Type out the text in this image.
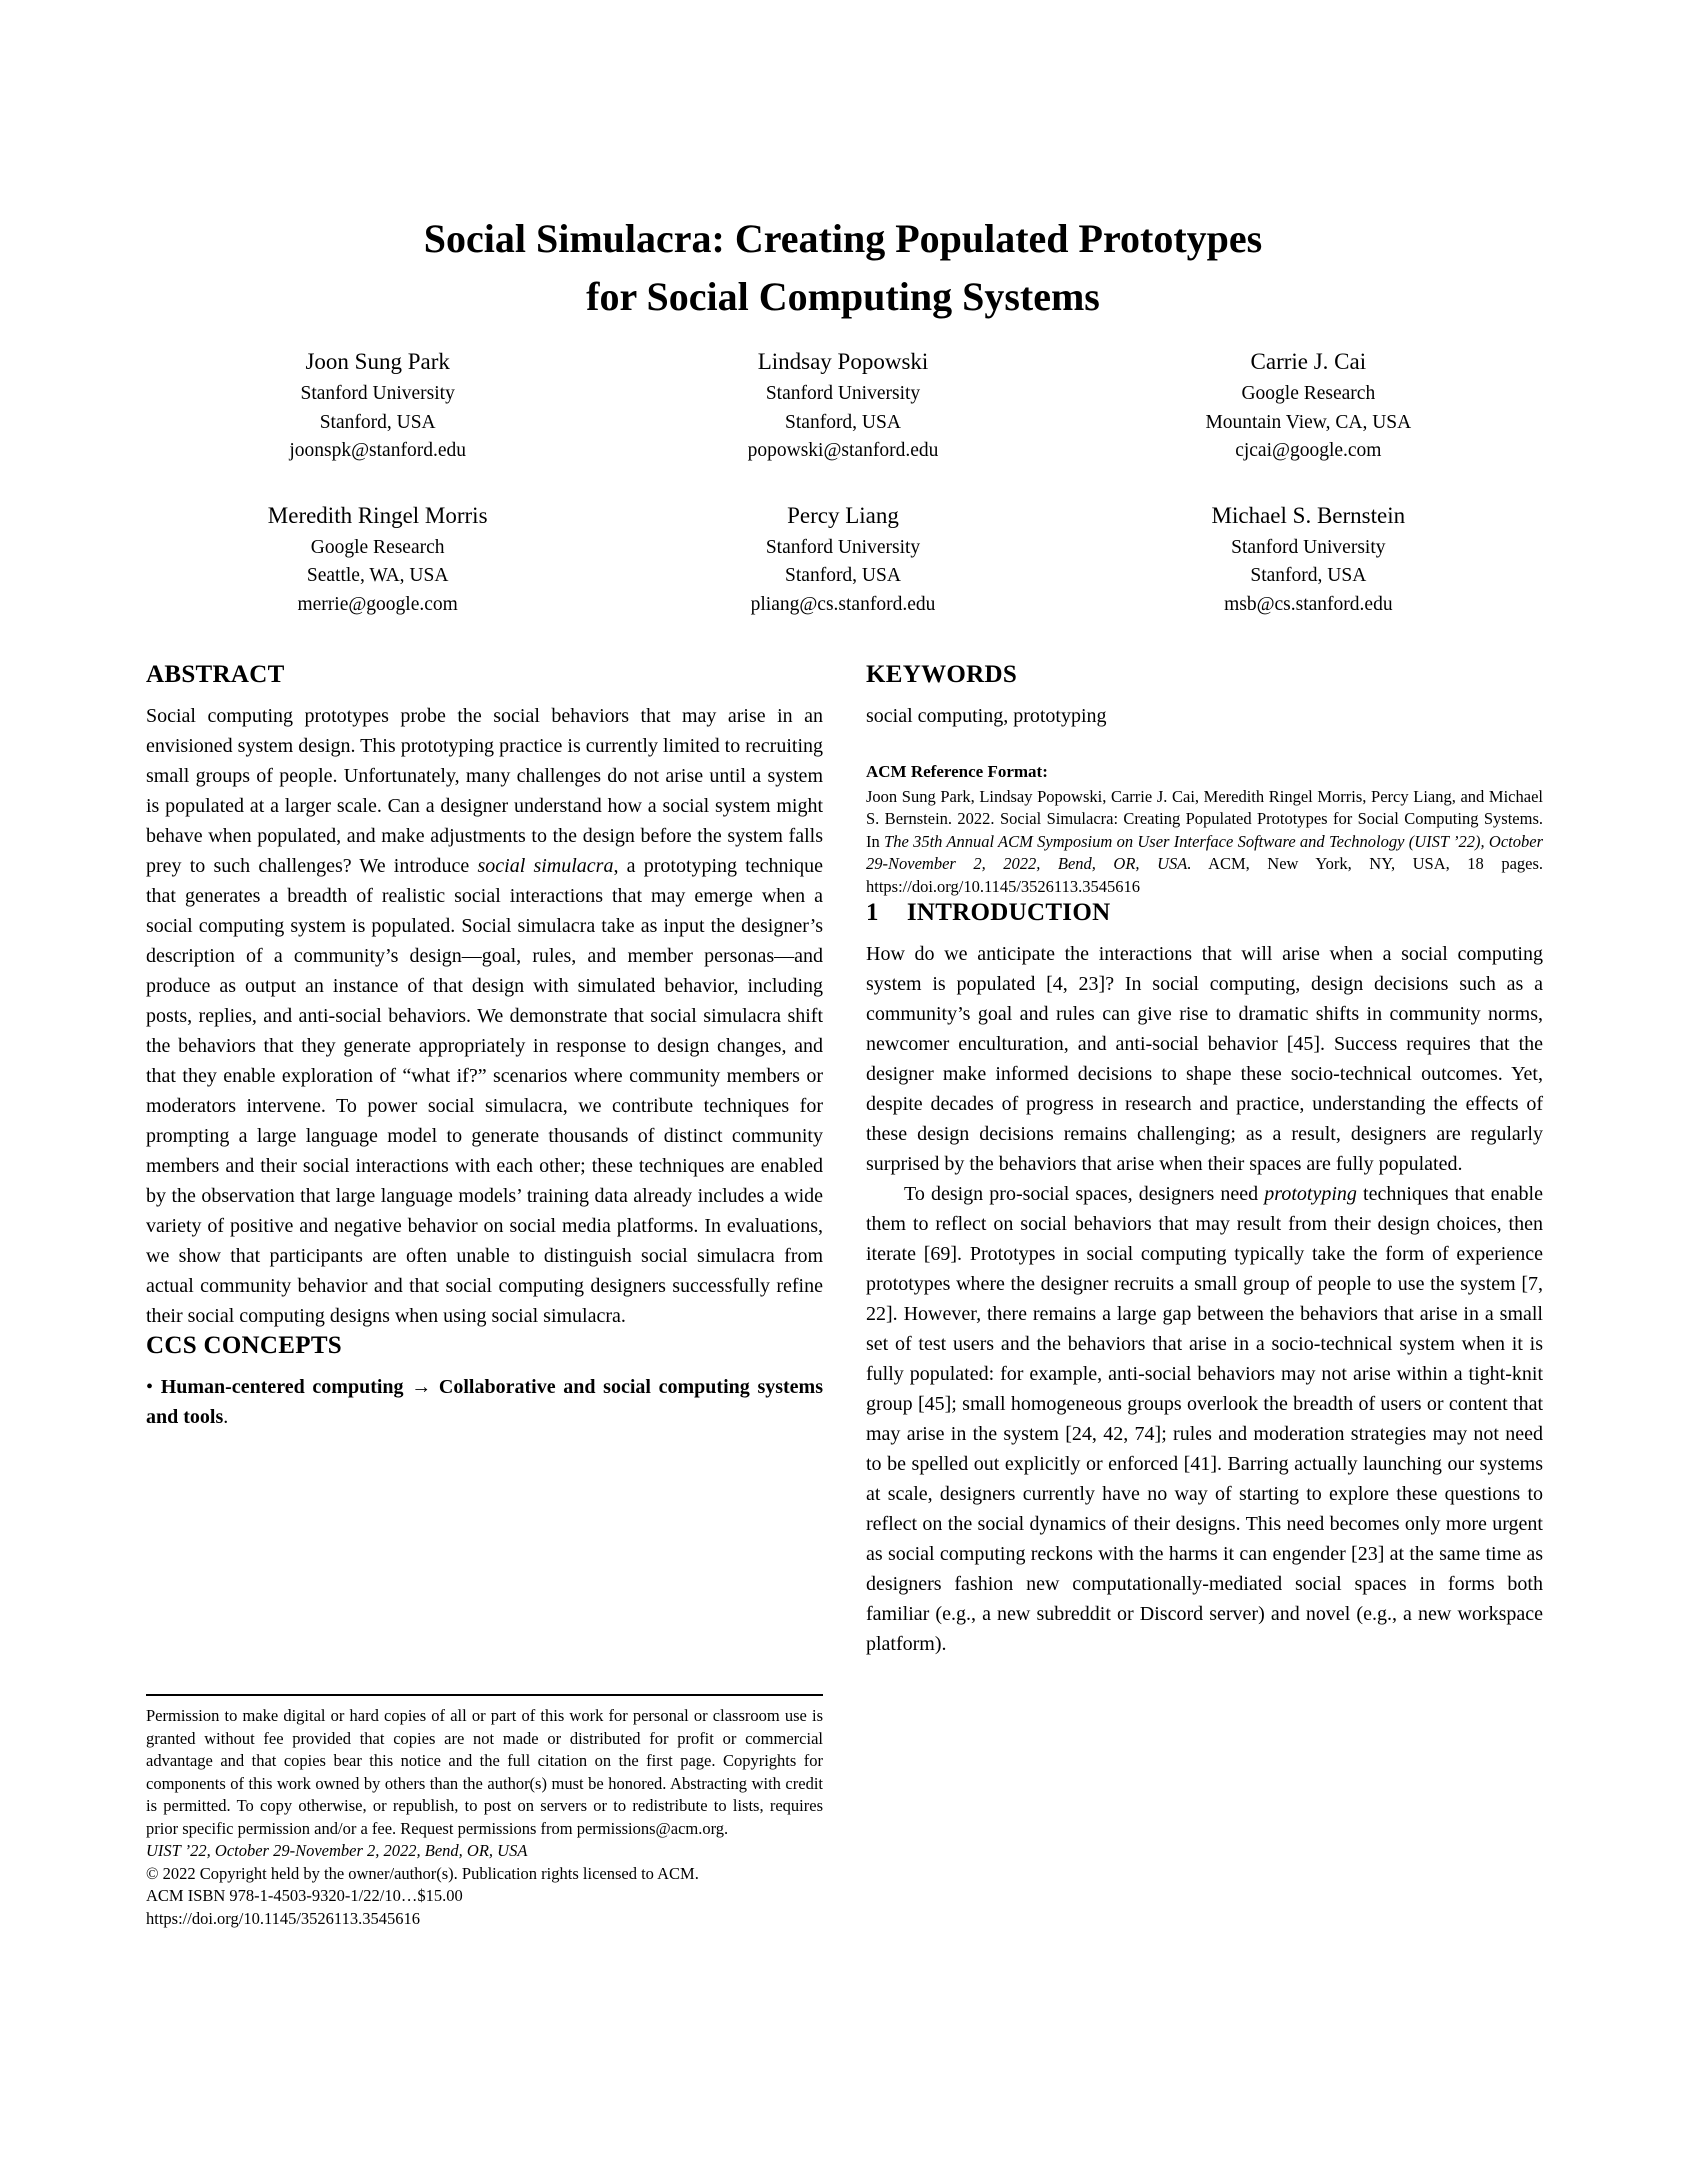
Social Simulacra: Creating Populated Prototypes
for Social Computing Systems
Joon Sung Park
Stanford University
Stanford, USA
joonspk@stanford.edu
Lindsay Popowski
Stanford University
Stanford, USA
popowski@stanford.edu
Carrie J. Cai
Google Research
Mountain View, CA, USA
cjcai@google.com
Meredith Ringel Morris
Google Research
Seattle, WA, USA
merrie@google.com
Percy Liang
Stanford University
Stanford, USA
pliang@cs.stanford.edu
Michael S. Bernstein
Stanford University
Stanford, USA
msb@cs.stanford.edu
ABSTRACT

Social computing prototypes probe the social behaviors that may arise in an envisioned system design. This prototyping practice is currently limited to recruiting small groups of people. Unfortunately, many challenges do not arise until a system is populated at a larger scale. Can a designer understand how a social system might behave when populated, and make adjustments to the design before the system falls prey to such challenges? We introduce social simulacra, a prototyping technique that generates a breadth of realistic social interactions that may emerge when a social computing system is populated. Social simulacra take as input the designer’s description of a community’s design—goal, rules, and member personas—and produce as output an instance of that design with simulated behavior, including posts, replies, and anti-social behaviors. We demonstrate that social simulacra shift the behaviors that they generate appropriately in response to design changes, and that they enable exploration of “what if?” scenarios where community members or moderators intervene. To power social simulacra, we contribute techniques for prompting a large language model to generate thousands of distinct community members and their social interactions with each other; these techniques are enabled by the observation that large language models’ training data already includes a wide variety of positive and negative behavior on social media platforms. In evaluations, we show that participants are often unable to distinguish social simulacra from actual community behavior and that social computing designers successfully refine their social computing designs when using social simulacra.

CCS CONCEPTS

• Human-centered computing → Collaborative and social computing systems and tools.

KEYWORDS

social computing, prototyping

ACM Reference Format:

Joon Sung Park, Lindsay Popowski, Carrie J. Cai, Meredith Ringel Morris, Percy Liang, and Michael S. Bernstein. 2022. Social Simulacra: Creating Populated Prototypes for Social Computing Systems. In The 35th Annual ACM Symposium on User Interface Software and Technology (UIST ’22), October 29-November 2, 2022, Bend, OR, USA. ACM, New York, NY, USA, 18 pages. https://doi.org/10.1145/3526113.3545616

1 INTRODUCTION

How do we anticipate the interactions that will arise when a social computing system is populated [4, 23]? In social computing, design decisions such as a community’s goal and rules can give rise to dramatic shifts in community norms, newcomer enculturation, and anti-social behavior [45]. Success requires that the designer make informed decisions to shape these socio-technical outcomes. Yet, despite decades of progress in research and practice, understanding the effects of these design decisions remains challenging; as a result, designers are regularly surprised by the behaviors that arise when their spaces are fully populated.

To design pro-social spaces, designers need prototyping techniques that enable them to reflect on social behaviors that may result from their design choices, then iterate [69]. Prototypes in social computing typically take the form of experience prototypes where the designer recruits a small group of people to use the system [7, 22]. However, there remains a large gap between the behaviors that arise in a small set of test users and the behaviors that arise in a socio-technical system when it is fully populated: for example, anti-social behaviors may not arise within a tight-knit group [45]; small homogeneous groups overlook the breadth of users or content that may arise in the system [24, 42, 74]; rules and moderation strategies may not need to be spelled out explicitly or enforced [41]. Barring actually launching our systems at scale, designers currently have no way of starting to explore these questions to reflect on the social dynamics of their designs. This need becomes only more urgent as social computing reckons with the harms it can engender [23] at the same time as designers fashion new computationally-mediated social spaces in forms both familiar (e.g., a new subreddit or Discord server) and novel (e.g., a new workspace platform).

Permission to make digital or hard copies of all or part of this work for personal or classroom use is granted without fee provided that copies are not made or distributed for profit or commercial advantage and that copies bear this notice and the full citation on the first page. Copyrights for components of this work owned by others than the author(s) must be honored. Abstracting with credit is permitted. To copy otherwise, or republish, to post on servers or to redistribute to lists, requires prior specific permission and/or a fee. Request permissions from permissions@acm.org.

UIST ’22, October 29-November 2, 2022, Bend, OR, USA

© 2022 Copyright held by the owner/author(s). Publication rights licensed to ACM.

ACM ISBN 978-1-4503-9320-1/22/10…$15.00

https://doi.org/10.1145/3526113.3545616
